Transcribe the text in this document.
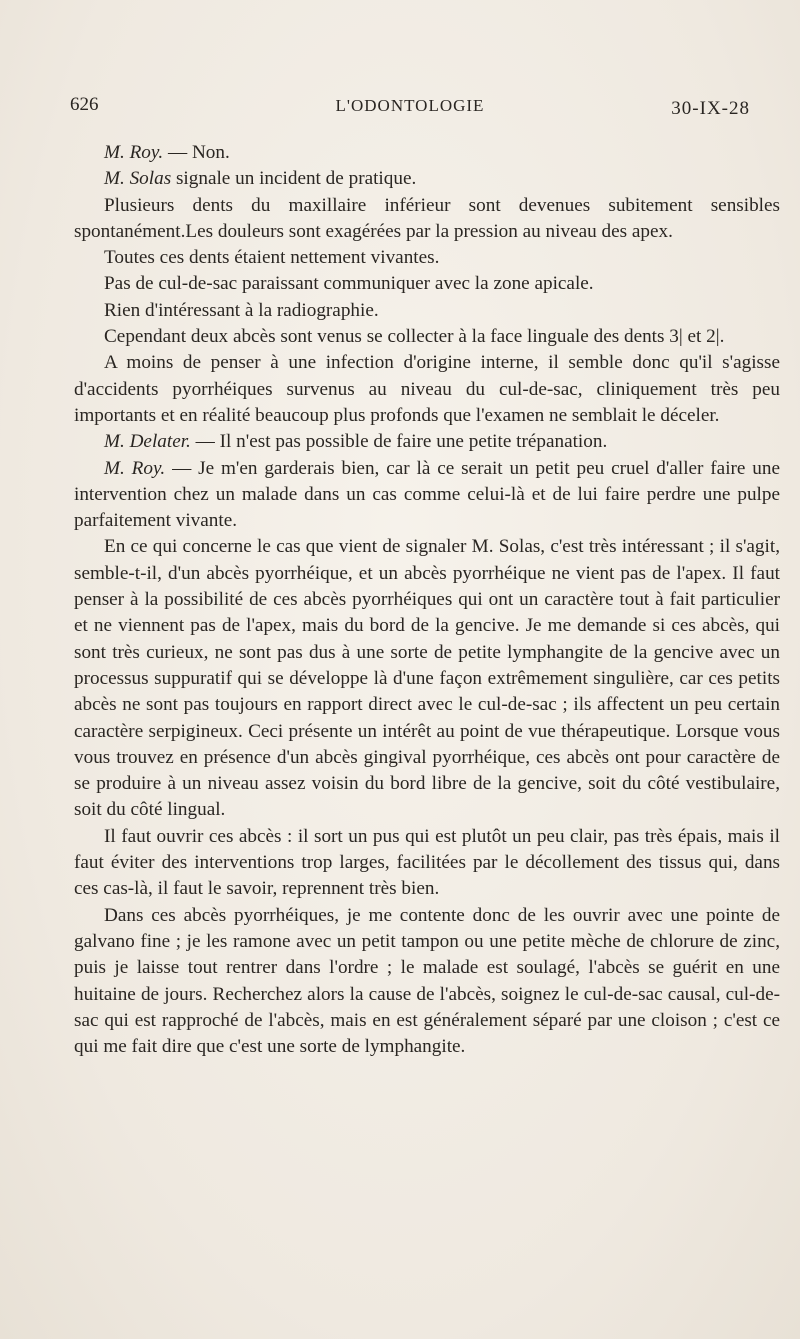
626	L'ODONTOLOGIE	30-IX-28

M. Roy. — Non.

M. Solas signale un incident de pratique.

Plusieurs dents du maxillaire inférieur sont devenues subitement sensibles spontanément.Les douleurs sont exagérées par la pression au niveau des apex.

Toutes ces dents étaient nettement vivantes.

Pas de cul-de-sac paraissant communiquer avec la zone apicale.

Rien d'intéressant à la radiographie.

Cependant deux abcès sont venus se collecter à la face linguale des dents 3| et 2|.

A moins de penser à une infection d'origine interne, il semble donc qu'il s'agisse d'accidents pyorrhéiques survenus au niveau du cul-de-sac, cliniquement très peu importants et en réalité beaucoup plus profonds que l'examen ne semblait le déceler.

M. Delater. — Il n'est pas possible de faire une petite trépanation.

M. Roy. — Je m'en garderais bien, car là ce serait un petit peu cruel d'aller faire une intervention chez un malade dans un cas comme celui-là et de lui faire perdre une pulpe parfaitement vivante.

En ce qui concerne le cas que vient de signaler M. Solas, c'est très intéressant ; il s'agit, semble-t-il, d'un abcès pyorrhéique, et un abcès pyorrhéique ne vient pas de l'apex. Il faut penser à la possibilité de ces abcès pyorrhéiques qui ont un caractère tout à fait particulier et ne viennent pas de l'apex, mais du bord de la gencive. Je me demande si ces abcès, qui sont très curieux, ne sont pas dus à une sorte de petite lymphangite de la gencive avec un processus suppuratif qui se développe là d'une façon extrêmement singulière, car ces petits abcès ne sont pas toujours en rapport direct avec le cul-de-sac ; ils affectent un peu certain caractère serpigineux. Ceci présente un intérêt au point de vue thérapeutique. Lorsque vous vous trouvez en présence d'un abcès gingival pyorrhéique, ces abcès ont pour caractère de se produire à un niveau assez voisin du bord libre de la gencive, soit du côté vestibulaire, soit du côté lingual.

Il faut ouvrir ces abcès : il sort un pus qui est plutôt un peu clair, pas très épais, mais il faut éviter des interventions trop larges, facilitées par le décollement des tissus qui, dans ces cas-là, il faut le savoir, reprennent très bien.

Dans ces abcès pyorrhéiques, je me contente donc de les ouvrir avec une pointe de galvano fine ; je les ramone avec un petit tampon ou une petite mèche de chlorure de zinc, puis je laisse tout rentrer dans l'ordre ; le malade est soulagé, l'abcès se guérit en une huitaine de jours. Recherchez alors la cause de l'abcès, soignez le cul-de-sac causal, cul-de-sac qui est rapproché de l'abcès, mais en est généralement séparé par une cloison ; c'est ce qui me fait dire que c'est une sorte de lymphangite.
